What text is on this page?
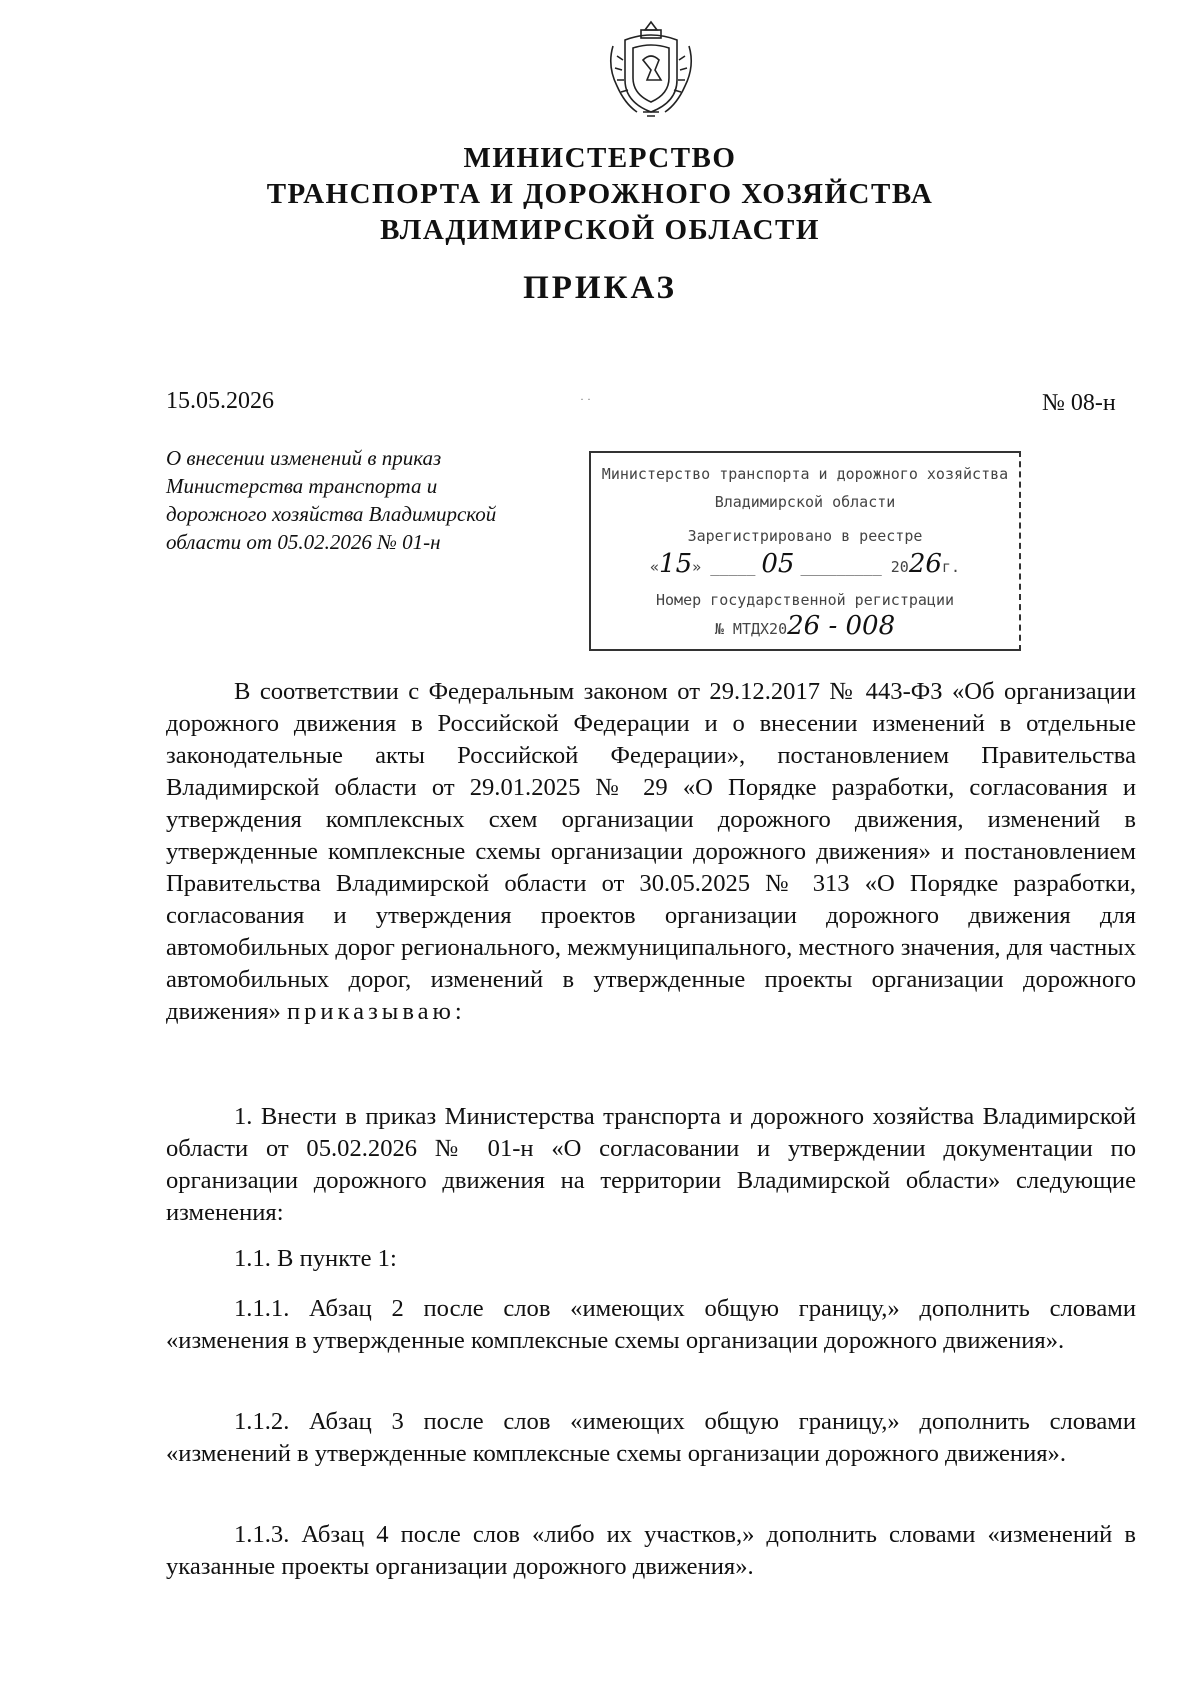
МИНИСТЕРСТВО
ТРАНСПОРТА И ДОРОЖНОГО ХОЗЯЙСТВА
ВЛАДИМИРСКОЙ ОБЛАСТИ
ПРИКАЗ
15.05.2026	· ·	№ 08-н
О внесении изменений в приказ
Министерства транспорта и
дорожного хозяйства Владимирской
области от 05.02.2026 № 01-н
Министерство транспорта и дорожного хозяйства
Владимирской области
Зарегистрировано в реестре
«15» _____ 05 _________ 2026г.
Номер государственной регистрации
№ МТДХ2026 - 008

В соответствии с Федеральным законом от 29.12.2017 № 443-ФЗ «Об организации дорожного движения в Российской Федерации и о внесении изменений в отдельные законодательные акты Российской Федерации», постановлением Правительства Владимирской области от 29.01.2025 № 29 «О Порядке разработки, согласования и утверждения комплексных схем организации дорожного движения, изменений в утвержденные комплексные схемы организации дорожного движения» и постановлением Правительства Владимирской области от 30.05.2025 № 313 «О Порядке разработки, согласования и утверждения проектов организации дорожного движения для автомобильных дорог регионального, межмуниципального, местного значения, для частных автомобильных дорог, изменений в утвержденные проекты организации дорожного движения» приказываю:

1. Внести в приказ Министерства транспорта и дорожного хозяйства Владимирской области от 05.02.2026 № 01-н «О согласовании и утверждении документации по организации дорожного движения на территории Владимирской области» следующие изменения:

1.1. В пункте 1:

1.1.1. Абзац 2 после слов «имеющих общую границу,» дополнить словами «изменения в утвержденные комплексные схемы организации дорожного движения».

1.1.2. Абзац 3 после слов «имеющих общую границу,» дополнить словами «изменений в утвержденные комплексные схемы организации дорожного движения».

1.1.3. Абзац 4 после слов «либо их участков,» дополнить словами «изменений в указанные проекты организации дорожного движения».
